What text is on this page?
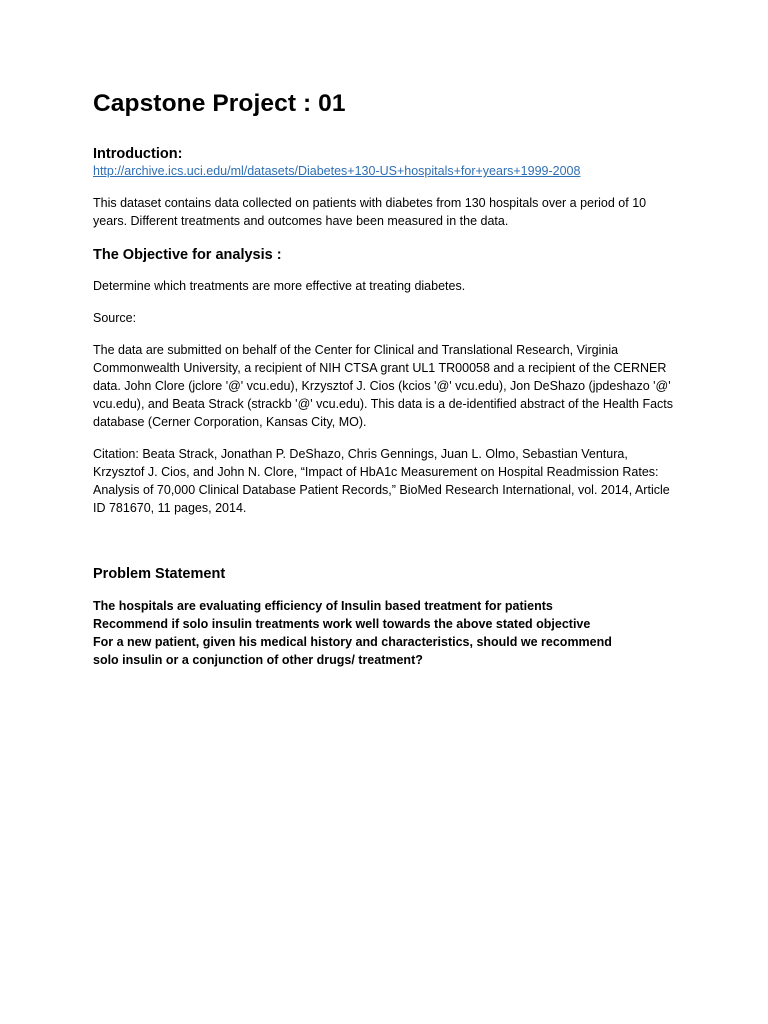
Capstone Project : 01
Introduction:
http://archive.ics.uci.edu/ml/datasets/Diabetes+130-US+hospitals+for+years+1999-2008

This dataset contains data collected on patients with diabetes from 130 hospitals over a period of 10 years. Different treatments and outcomes have been measured in the data.

The Objective for analysis :

Determine which treatments are more effective at treating diabetes.

Source:

The data are submitted on behalf of the Center for Clinical and Translational Research, Virginia Commonwealth University, a recipient of NIH CTSA grant UL1 TR00058 and a recipient of the CERNER data. John Clore (jclore '@' vcu.edu), Krzysztof J. Cios (kcios '@' vcu.edu), Jon DeShazo (jpdeshazo '@' vcu.edu), and Beata Strack (strackb '@' vcu.edu). This data is a de-identified abstract of the Health Facts database (Cerner Corporation, Kansas City, MO).

Citation: Beata Strack, Jonathan P. DeShazo, Chris Gennings, Juan L. Olmo, Sebastian Ventura, Krzysztof J. Cios, and John N. Clore, “Impact of HbA1c Measurement on Hospital Readmission Rates: Analysis of 70,000 Clinical Database Patient Records,” BioMed Research International, vol. 2014, Article ID 781670, 11 pages, 2014.

Problem Statement

The hospitals are evaluating efficiency of Insulin based treatment for patients

Recommend if solo insulin treatments work well towards the above stated objective

For a new patient, given his medical history and characteristics, should we recommend

solo insulin or a conjunction of other drugs/ treatment?
